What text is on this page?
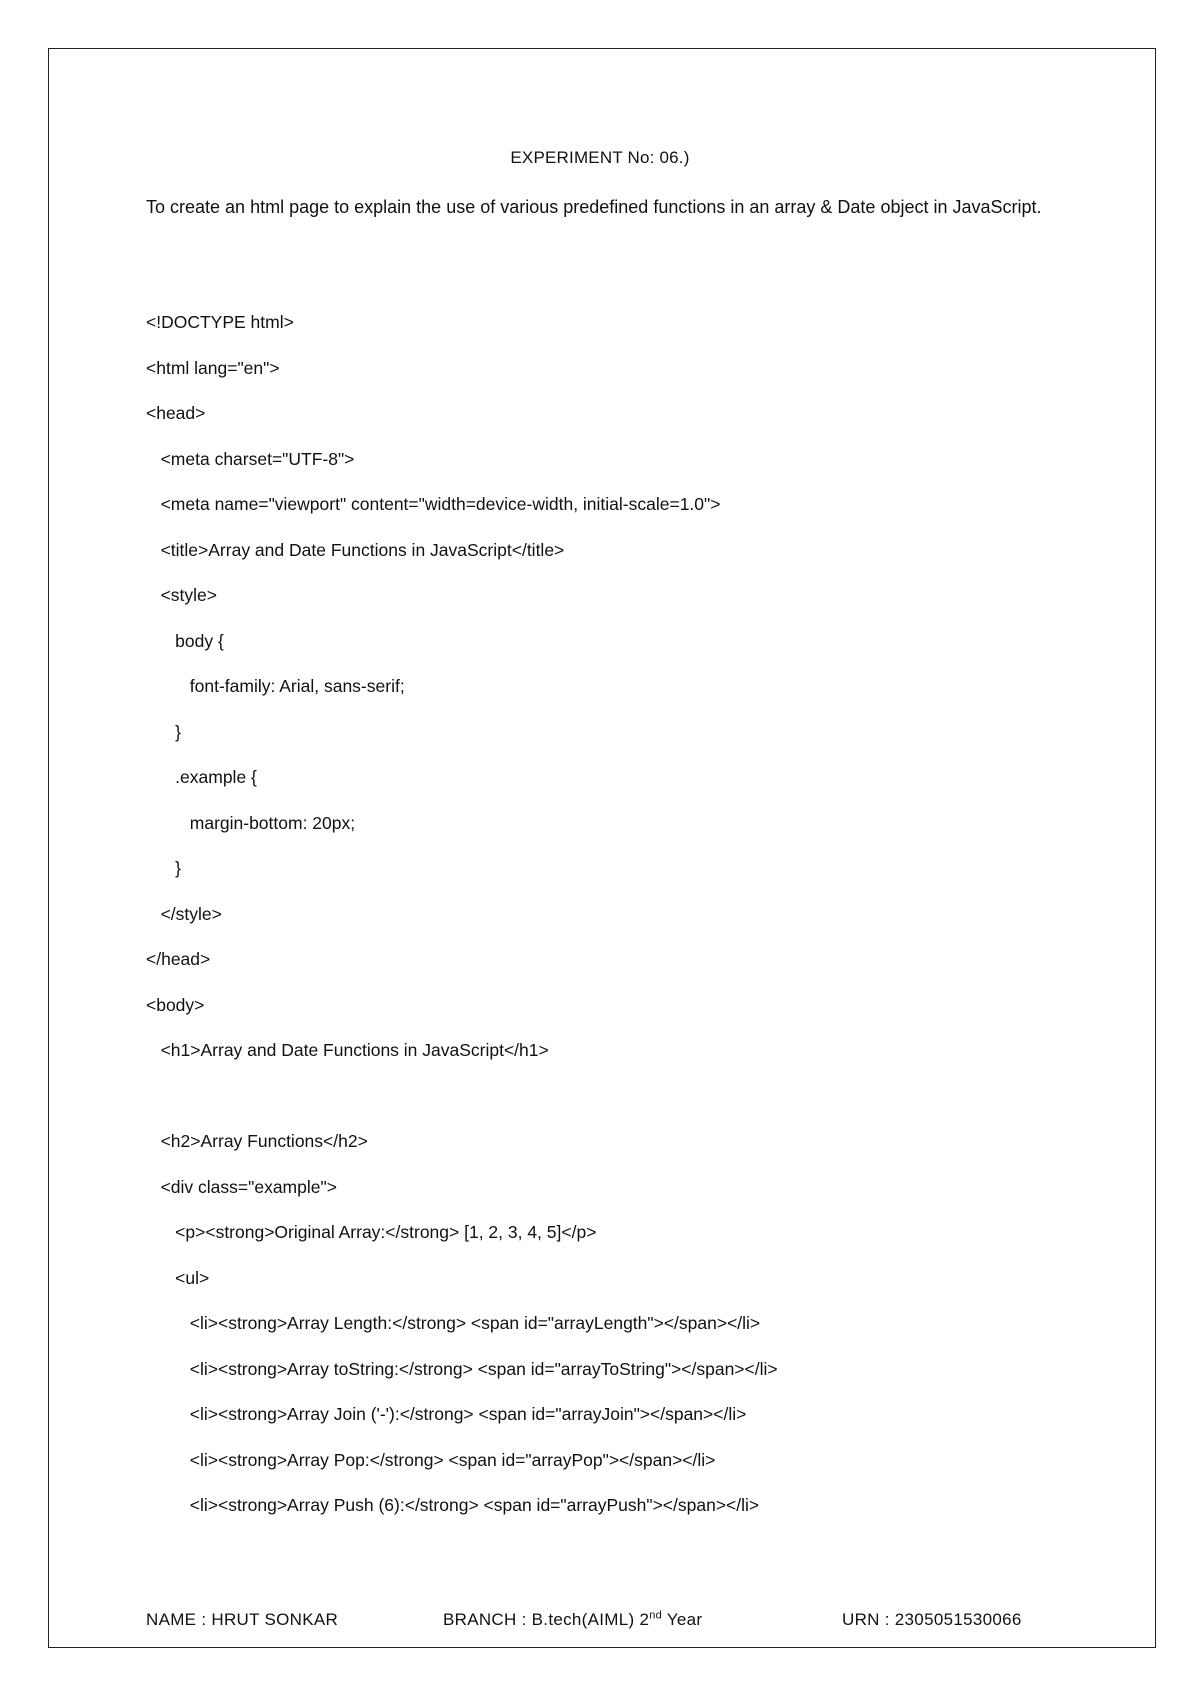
EXPERIMENT No: 06.)
To create an html page to explain the use of various predefined functions in an array & Date object in JavaScript.
<!DOCTYPE html>
<html lang="en">
<head>
<meta charset="UTF-8">
<meta name="viewport" content="width=device-width, initial-scale=1.0">
<title>Array and Date Functions in JavaScript</title>
<style>
body {
font-family: Arial, sans-serif;
}
.example {
margin-bottom: 20px;
}
</style>
</head>
<body>
<h1>Array and Date Functions in JavaScript</h1>
<h2>Array Functions</h2>
<div class="example">
<p><strong>Original Array:</strong> [1, 2, 3, 4, 5]</p>
<ul>
<li><strong>Array Length:</strong> <span id="arrayLength"></span></li>
<li><strong>Array toString:</strong> <span id="arrayToString"></span></li>
<li><strong>Array Join ('-'):</strong> <span id="arrayJoin"></span></li>
<li><strong>Array Pop:</strong> <span id="arrayPop"></span></li>
<li><strong>Array Push (6):</strong> <span id="arrayPush"></span></li>
NAME : HRUT SONKAR	BRANCH : B.tech(AIML) 2nd Year	URN : 2305051530066
